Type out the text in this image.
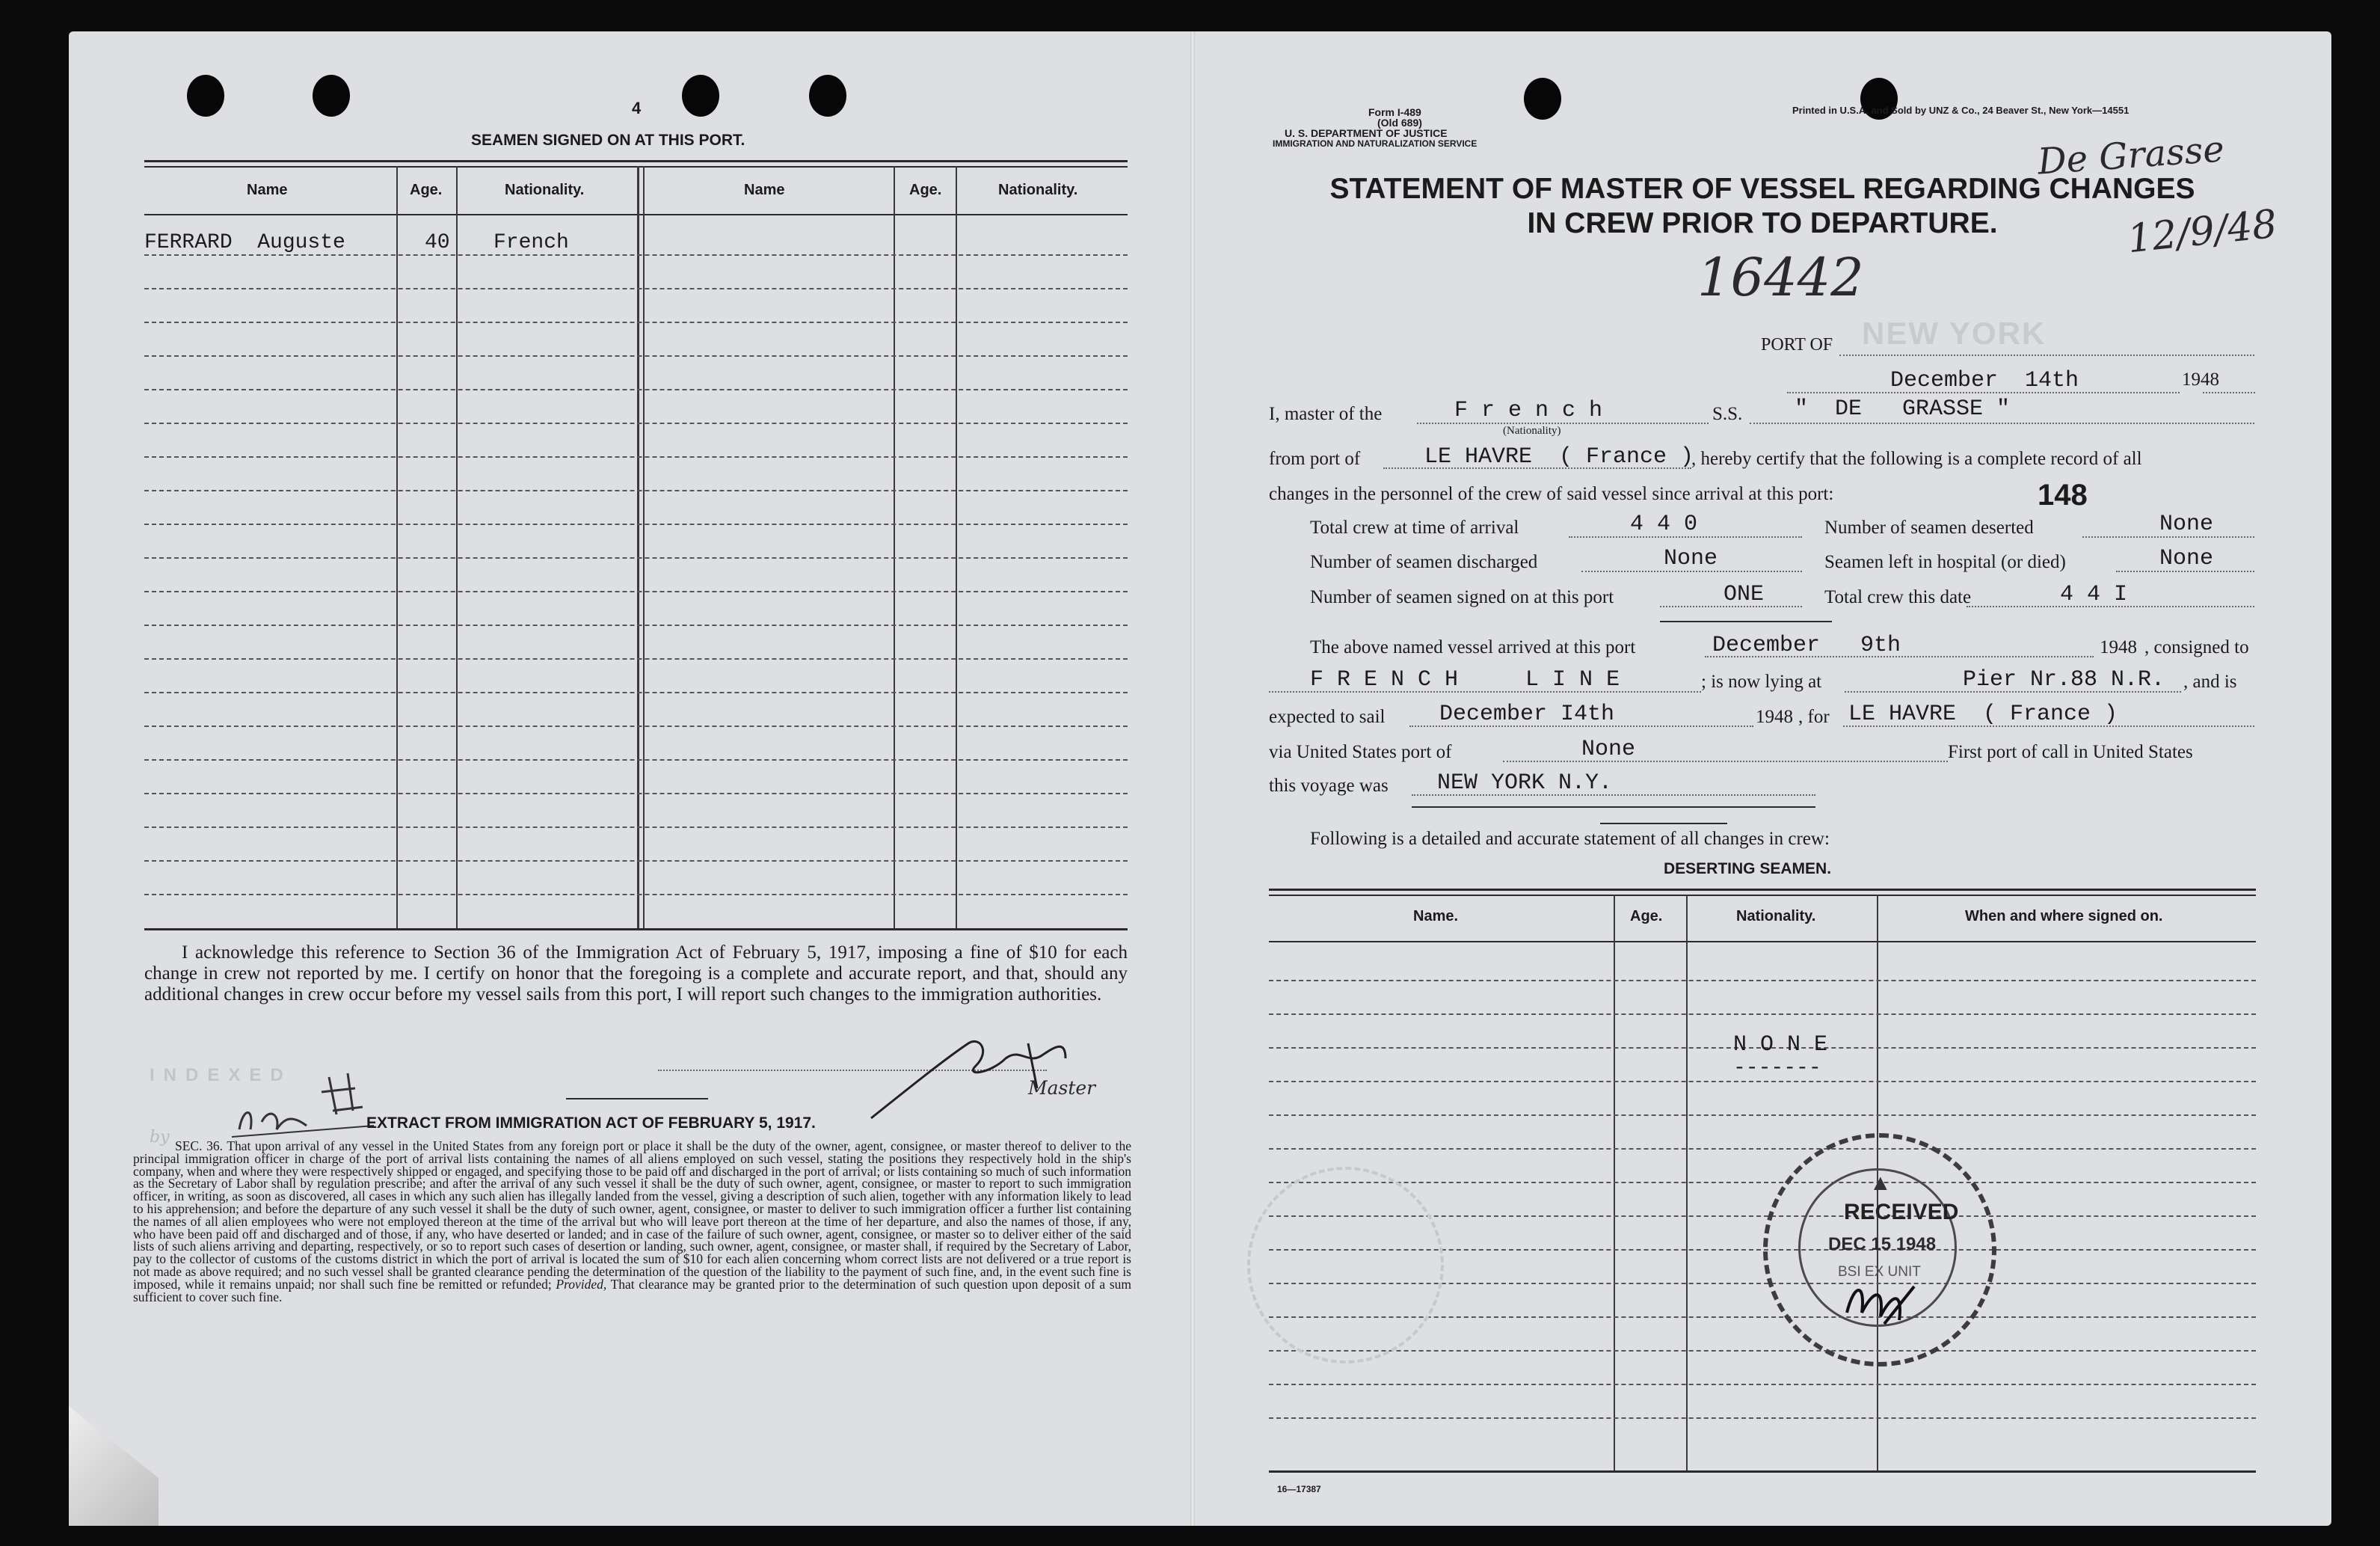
4
SEAMEN SIGNED ON AT THIS PORT.
Name	Age.	Nationality.	Name	Age.	Nationality.
FERRARD  Auguste	40 French
I acknowledge this reference to Section 36 of the Immigration Act of February 5, 1917, imposing a fine of $10 for each change in crew not reported by me. I certify on honor that the foregoing is a complete and accurate report, and that, should any additional changes in crew occur before my vessel sails from this port, I will report such changes to the immigration authorities.
Master
INDEXED
by
EXTRACT FROM IMMIGRATION ACT OF FEBRUARY 5, 1917.
SEC. 36. That upon arrival of any vessel in the United States from any foreign port or place it shall be the duty of the owner, agent, consignee, or master thereof to deliver to the principal immigration officer in charge of the port of arrival lists containing the names of all aliens employed on such vessel, stating the positions they respectively hold in the ship's company, when and where they were respectively shipped or engaged, and specifying those to be paid off and discharged in the port of arrival; or lists containing so much of such information as the Secretary of Labor shall by regulation prescribe; and after the arrival of any such vessel it shall be the duty of such owner, agent, consignee, or master to report to such immigration officer, in writing, as soon as discovered, all cases in which any such alien has illegally landed from the vessel, giving a description of such alien, together with any information likely to lead to his apprehension; and before the departure of any such vessel it shall be the duty of such owner, agent, consignee, or master to deliver to such immigration officer a further list containing the names of all alien employees who were not employed thereon at the time of the arrival but who will leave port thereon at the time of her departure, and also the names of those, if any, who have been paid off and discharged and of those, if any, who have deserted or landed; and in case of the failure of such owner, agent, consignee, or master so to deliver either of the said lists of such aliens arriving and departing, respectively, or so to report such cases of desertion or landing, such owner, agent, consignee, or master shall, if required by the Secretary of Labor, pay to the collector of customs of the customs district in which the port of arrival is located the sum of $10 for each alien concerning whom correct lists are not delivered or a true report is not made as above required; and no such vessel shall be granted clearance pending the determination of the question of the liability to the payment of such fine, and, in the event such fine is imposed, while it remains unpaid; nor shall such fine be remitted or refunded; Provided, That clearance may be granted prior to the determination of such question upon deposit of a sum sufficient to cover such fine.
Form I-489
(Old 689)
U. S. DEPARTMENT OF JUSTICE
IMMIGRATION AND NATURALIZATION SERVICE
Printed in U.S.A. and Sold by UNZ & Co., 24 Beaver St., New York—14551
De Grasse
12/9/48
STATEMENT OF MASTER OF VESSEL REGARDING CHANGES
IN CREW PRIOR TO DEPARTURE.
16442
PORT OF NEW YORK
December  14th	1948
I, master of the	F r e n c h
(Nationality)
S.S. "  DE   GRASSE "
from port of	LE HAVRE  ( France )
, hereby certify that the following is a complete record of all
changes in the personnel of the crew of said vessel since arrival at this port:	148
Total crew at time of arrival	4 4 0	Number of seamen deserted	None
Number of seamen discharged	None	Seamen left in hospital (or died)	None
Number of seamen signed on at this port	ONE	Total crew this date	4 4 I
The above named vessel arrived at this port	December   9th	1948 , consigned to
F R E N C H     L I N E	; is now lying at	Pier Nr.88 N.R. , and is
expected to sail December I4th	1948 , for LE HAVRE  ( France )
via United States port of	None	First port of call in United States
this voyage was NEW YORK N.Y.
Following is a detailed and accurate statement of all changes in crew:
DESERTING SEAMEN.
Name.	Age.	Nationality.	When and where signed on.
N O N E
-------
▲
RECEIVED
DEC 15 1948
BSI EX UNIT
16—17387
